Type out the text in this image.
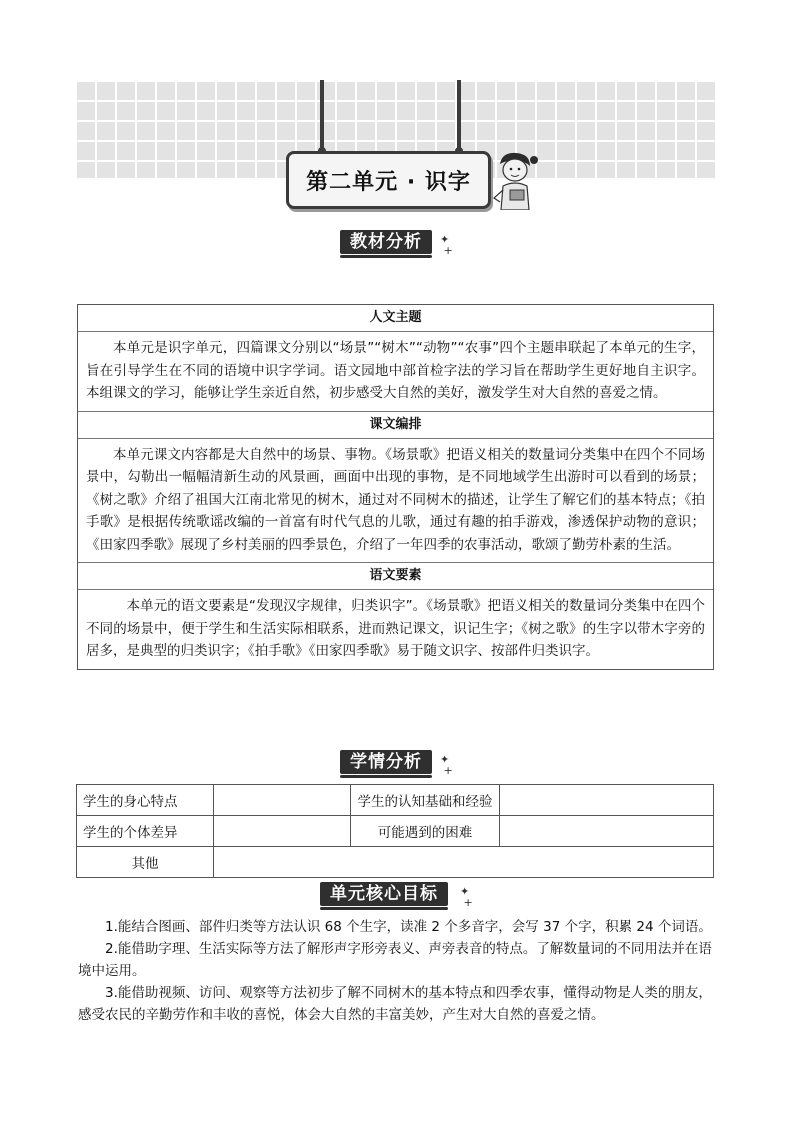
第二单元 · 识字
教材分析	✦
+
人文主题
本单元是识字单元，四篇课文分别以“场景”“树木”“动物”“农事”四个主题串联起了本单元的生字，旨在引导学生在不同的语境中识字学词。语文园地中部首检字法的学习旨在帮助学生更好地自主识字。本组课文的学习，能够让学生亲近自然，初步感受大自然的美好，激发学生对大自然的喜爱之情。
课文编排
本单元课文内容都是大自然中的场景、事物。《场景歌》把语义相关的数量词分类集中在四个不同场景中，勾勒出一幅幅清新生动的风景画，画面中出现的事物，是不同地域学生出游时可以看到的场景；《树之歌》介绍了祖国大江南北常见的树木，通过对不同树木的描述，让学生了解它们的基本特点；《拍手歌》是根据传统歌谣改编的一首富有时代气息的儿歌，通过有趣的拍手游戏，渗透保护动物的意识；《田家四季歌》展现了乡村美丽的四季景色，介绍了一年四季的农事活动，歌颂了勤劳朴素的生活。
语文要素
本单元的语文要素是“发现汉字规律，归类识字”。《场景歌》把语义相关的数量词分类集中在四个不同的场景中，便于学生和生活实际相联系，进而熟记课文，识记生字；《树之歌》的生字以带木字旁的居多，是典型的归类识字；《拍手歌》《田家四季歌》易于随文识字、按部件归类识字。
学情分析	✦
+
学生的身心特点		学生的认知基础和经验	
学生的个体差异		可能遇到的困难	
其他			
单元核心目标	✦
+

1.能结合图画、部件归类等方法认识 68 个生字，读准 2 个多音字，会写 37 个字，积累 24 个词语。

2.能借助字理、生活实际等方法了解形声字形旁表义、声旁表音的特点。了解数量词的不同用法并在语境中运用。

3.能借助视频、访问、观察等方法初步了解不同树木的基本特点和四季农事，懂得动物是人类的朋友，感受农民的辛勤劳作和丰收的喜悦，体会大自然的丰富美妙，产生对大自然的喜爱之情。
